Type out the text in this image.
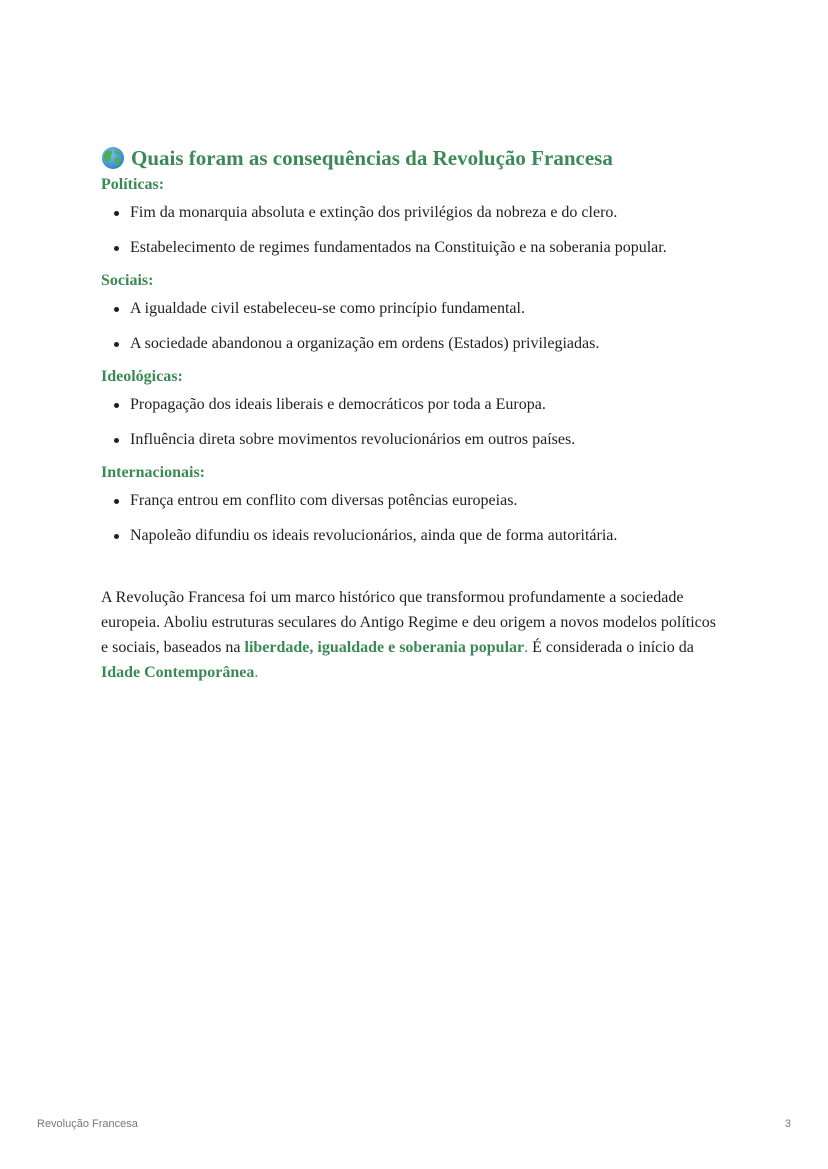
Quais foram as consequências da Revolução Francesa
Políticas:
Fim da monarquia absoluta e extinção dos privilégios da nobreza e do clero.
Estabelecimento de regimes fundamentados na Constituição e na soberania popular.
Sociais:
A igualdade civil estabeleceu-se como princípio fundamental.
A sociedade abandonou a organização em ordens (Estados) privilegiadas.
Ideológicas:
Propagação dos ideais liberais e democráticos por toda a Europa.
Influência direta sobre movimentos revolucionários em outros países.
Internacionais:
França entrou em conflito com diversas potências europeias.
Napoleão difundiu os ideais revolucionários, ainda que de forma autoritária.

A Revolução Francesa foi um marco histórico que transformou profundamente a sociedade europeia. Aboliu estruturas seculares do Antigo Regime e deu origem a novos modelos políticos e sociais, baseados na liberdade, igualdade e soberania popular. É considerada o início da Idade Contemporânea.

Revolução Francesa	3
